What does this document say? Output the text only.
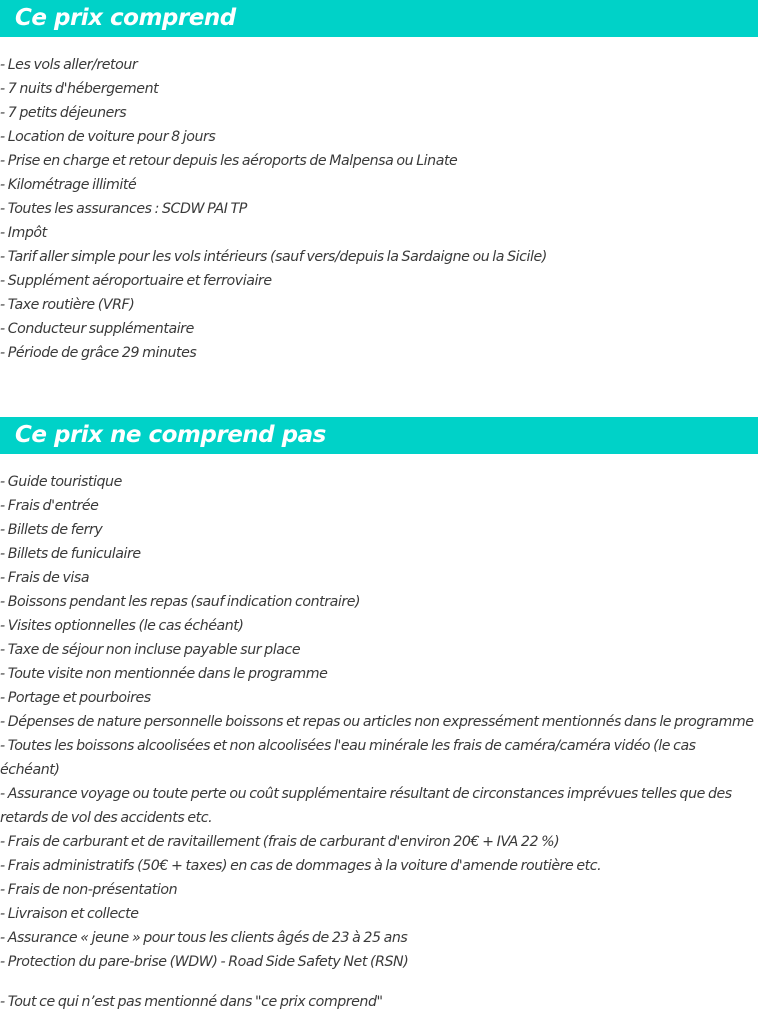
Ce prix comprend
- Les vols aller/retour
- 7 nuits d'hébergement
- 7 petits déjeuners
- Location de voiture pour 8 jours
- Prise en charge et retour depuis les aéroports de Malpensa ou Linate
- Kilométrage illimité
- Toutes les assurances : SCDW PAI TP
- Impôt
- Tarif aller simple pour les vols intérieurs (sauf vers/depuis la Sardaigne ou la Sicile)
- Supplément aéroportuaire et ferroviaire
- Taxe routière (VRF)
- Conducteur supplémentaire
- Période de grâce 29 minutes
Ce prix ne comprend pas
- Guide touristique
- Frais d'entrée
- Billets de ferry
- Billets de funiculaire
- Frais de visa
- Boissons pendant les repas (sauf indication contraire)
- Visites optionnelles (le cas échéant)
- Taxe de séjour non incluse payable sur place
- Toute visite non mentionnée dans le programme
- Portage et pourboires
- Dépenses de nature personnelle boissons et repas ou articles non expressément mentionnés dans le programme
- Toutes les boissons alcoolisées et non alcoolisées l'eau minérale les frais de caméra/caméra vidéo (le cas échéant)
- Assurance voyage ou toute perte ou coût supplémentaire résultant de circonstances imprévues telles que des retards de vol des accidents etc.
- Frais de carburant et de ravitaillement (frais de carburant d'environ 20€ + IVA 22 %)
- Frais administratifs (50€ + taxes) en cas de dommages à la voiture d'amende routière etc.
- Frais de non-présentation
- Livraison et collecte
- Assurance « jeune » pour tous les clients âgés de 23 à 25 ans
- Protection du pare-brise (WDW) - Road Side Safety Net (RSN)
- Tout ce qui n’est pas mentionné dans "ce prix comprend"
